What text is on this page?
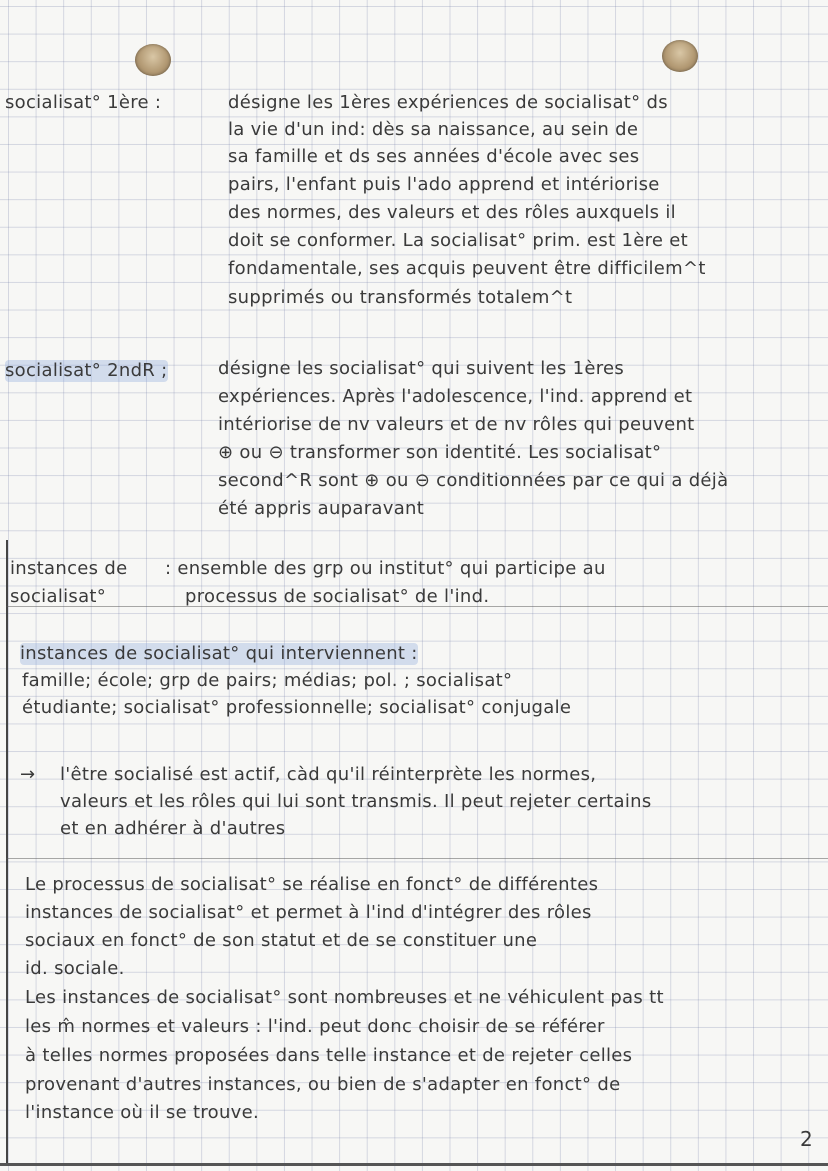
socialisat° 1ère :	désigne les 1ères expériences de socialisat° ds
la vie d'un ind: dès sa naissance, au sein de
sa famille et ds ses années d'école avec ses
pairs, l'enfant puis l'ado apprend et intériorise
des normes, des valeurs et des rôles auxquels il
doit se conformer. La socialisat° prim. est 1ère et
fondamentale, ses acquis peuvent être difficilem^t
supprimés ou transformés totalem^t
socialisat° 2ndR ;	désigne les socialisat° qui suivent les 1ères
expériences. Après l'adolescence, l'ind. apprend et
intériorise de nv valeurs et de nv rôles qui peuvent
⊕ ou ⊖ transformer son identité. Les socialisat°
second^R sont ⊕ ou ⊖ conditionnées par ce qui a déjà
été appris auparavant
instances de
socialisat°
: ensemble des grp ou institut° qui participe au
processus de socialisat° de l'ind.
instances de socialisat° qui interviennent :
famille; école; grp de pairs; médias; pol. ; socialisat°
étudiante; socialisat° professionnelle; socialisat° conjugale
→ l'être socialisé est actif, càd qu'il réinterprète les normes,
valeurs et les rôles qui lui sont transmis. Il peut rejeter certains
et en adhérer à d'autres
Le processus de socialisat° se réalise en fonct° de différentes
instances de socialisat° et permet à l'ind d'intégrer des rôles
sociaux en fonct° de son statut et de se constituer une
id. sociale.
Les instances de socialisat° sont nombreuses et ne véhiculent pas tt
les m̂ normes et valeurs : l'ind. peut donc choisir de se référer
à telles normes proposées dans telle instance et de rejeter celles
provenant d'autres instances, ou bien de s'adapter en fonct° de
l'instance où il se trouve.
2
